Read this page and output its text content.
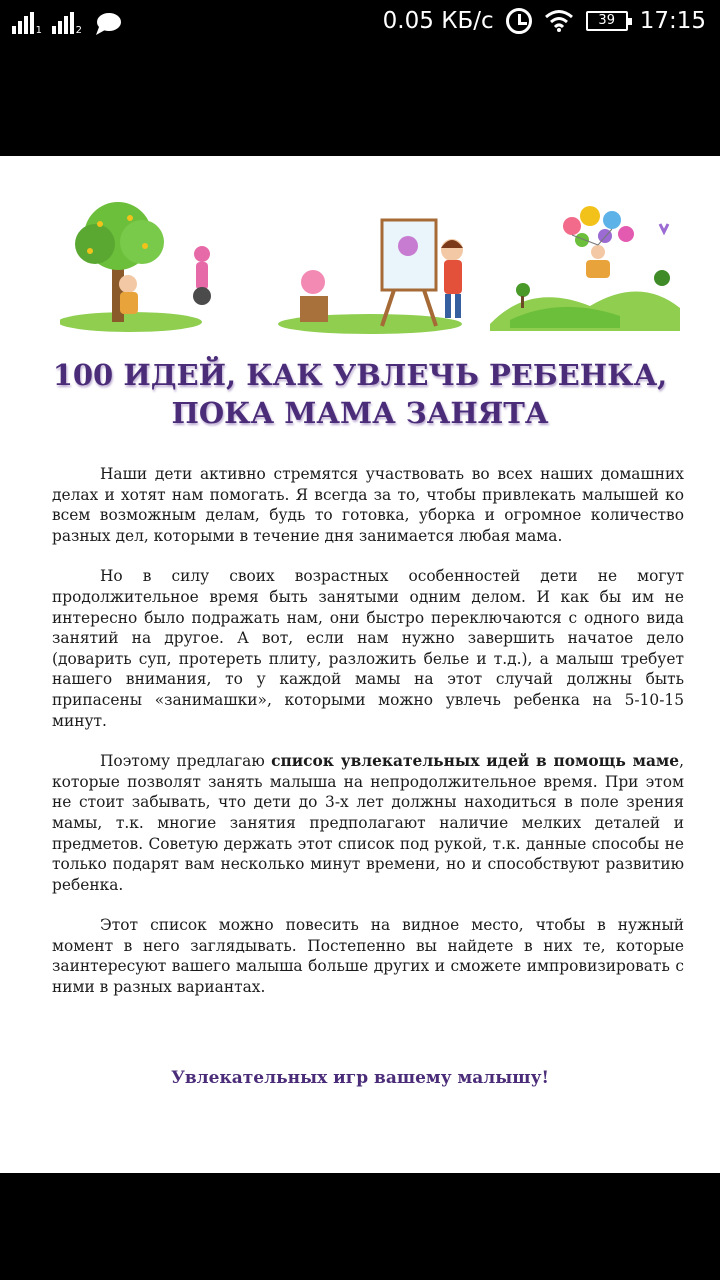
1	2	0.05 КБ/с	39	17:15
100 ИДЕЙ, КАК УВЛЕЧЬ РЕБЕНКА,
ПОКА МАМА ЗАНЯТА

Наши дети активно стремятся участвовать во всех наших домашних делах и хотят нам помогать. Я всегда за то, чтобы привлекать малышей ко всем возможным делам, будь то готовка, уборка и огромное количество разных дел, которыми в течение дня занимается любая мама.

Но в силу своих возрастных особенностей дети не могут продолжительное время быть занятыми одним делом. И как бы им не интересно было подражать нам, они быстро переключаются с одного вида занятий на другое. А вот, если нам нужно завершить начатое дело (доварить суп, протереть плиту, разложить белье и т.д.), а малыш требует нашего внимания, то у каждой мамы на этот случай должны быть припасены «занимашки», которыми можно увлечь ребенка на 5-10-15 минут.

Поэтому предлагаю список увлекательных идей в помощь маме, которые позволят занять малыша на непродолжительное время. При этом не стоит забывать, что дети до 3-х лет должны находиться в поле зрения мамы, т.к. многие занятия предполагают наличие мелких деталей и предметов. Советую держать этот список под рукой, т.к. данные способы не только подарят вам несколько минут времени, но и способствуют развитию ребенка.

Этот список можно повесить на видное место, чтобы в нужный момент в него заглядывать. Постепенно вы найдете в них те, которые заинтересуют вашего малыша больше других и сможете импровизировать с ними в разных вариантах.

Увлекательных игр вашему малышу!
